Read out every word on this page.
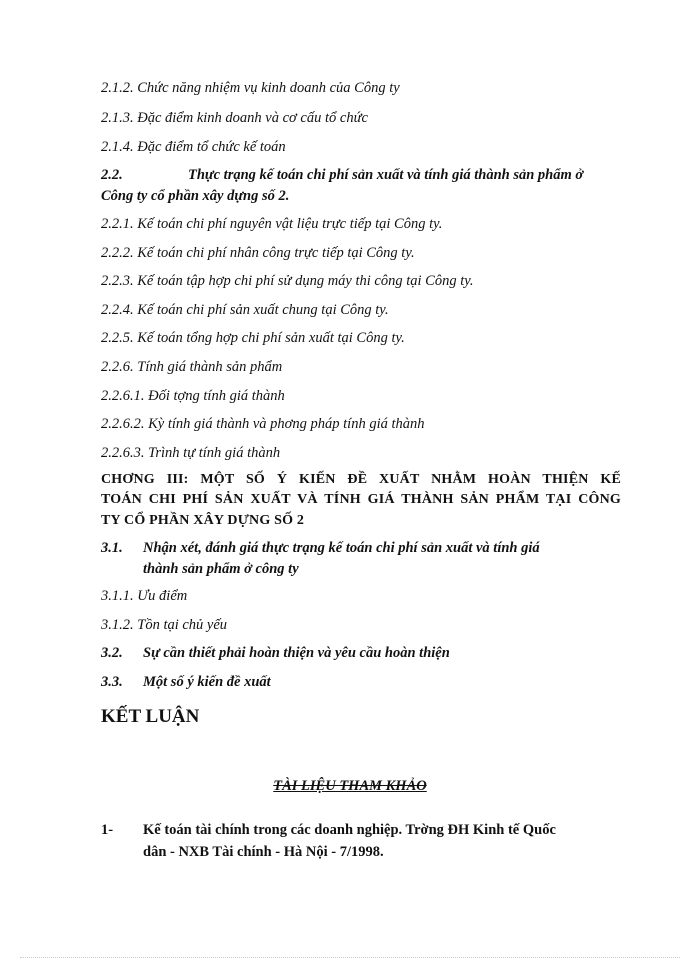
2.1.2. Chức năng nhiệm vụ kinh doanh của Công ty
2.1.3. Đặc điểm kinh doanh và cơ cấu tổ chức
2.1.4. Đặc điểm tổ chức kế toán
2.2.	Thực trạng kế toán chi phí sản xuất và tính giá thành sản phẩm ở
Công ty cổ phần xây dựng số 2.
2.2.1. Kế toán chi phí nguyên vật liệu trực tiếp tại Công ty.
2.2.2. Kế toán chi phí nhân công trực tiếp tại Công ty.
2.2.3. Kế toán tập hợp chi phí sử dụng máy thi công tại Công ty.
2.2.4. Kế toán chi phí sản xuất chung tại Công ty.
2.2.5. Kế toán tổng hợp chi phí sản xuất tại Công ty.
2.2.6. Tính giá thành sản phẩm
2.2.6.1. Đối tợng tính giá thành
2.2.6.2. Kỳ tính giá thành và phơng pháp tính giá thành
2.2.6.3. Trình tự tính giá thành
CHƠNG III: MỘT SỐ Ý KIẾN ĐỀ XUẤT NHẰM HOÀN THIỆN KẾ
TOÁN CHI PHÍ SẢN XUẤT VÀ TÍNH GIÁ THÀNH SẢN PHẨM TẠI CÔNG
TY CỔ PHẦN XÂY DỰNG SỐ 2
3.1. Nhận xét, đánh giá thực trạng kế toán chi phí sản xuất và tính giá
thành sản phẩm ở công ty
3.1.1. Ưu điểm
3.1.2. Tồn tại chủ yếu
3.2. Sự cần thiết phải hoàn thiện và yêu cầu hoàn thiện
3.3. Một số ý kiến đề xuất
KẾT LUẬN
TÀI LIỆU THAM KHẢO
1- Kế toán tài chính trong các doanh nghiệp. Trờng ĐH Kinh tế Quốc
dân - NXB Tài chính - Hà Nội - 7/1998.
